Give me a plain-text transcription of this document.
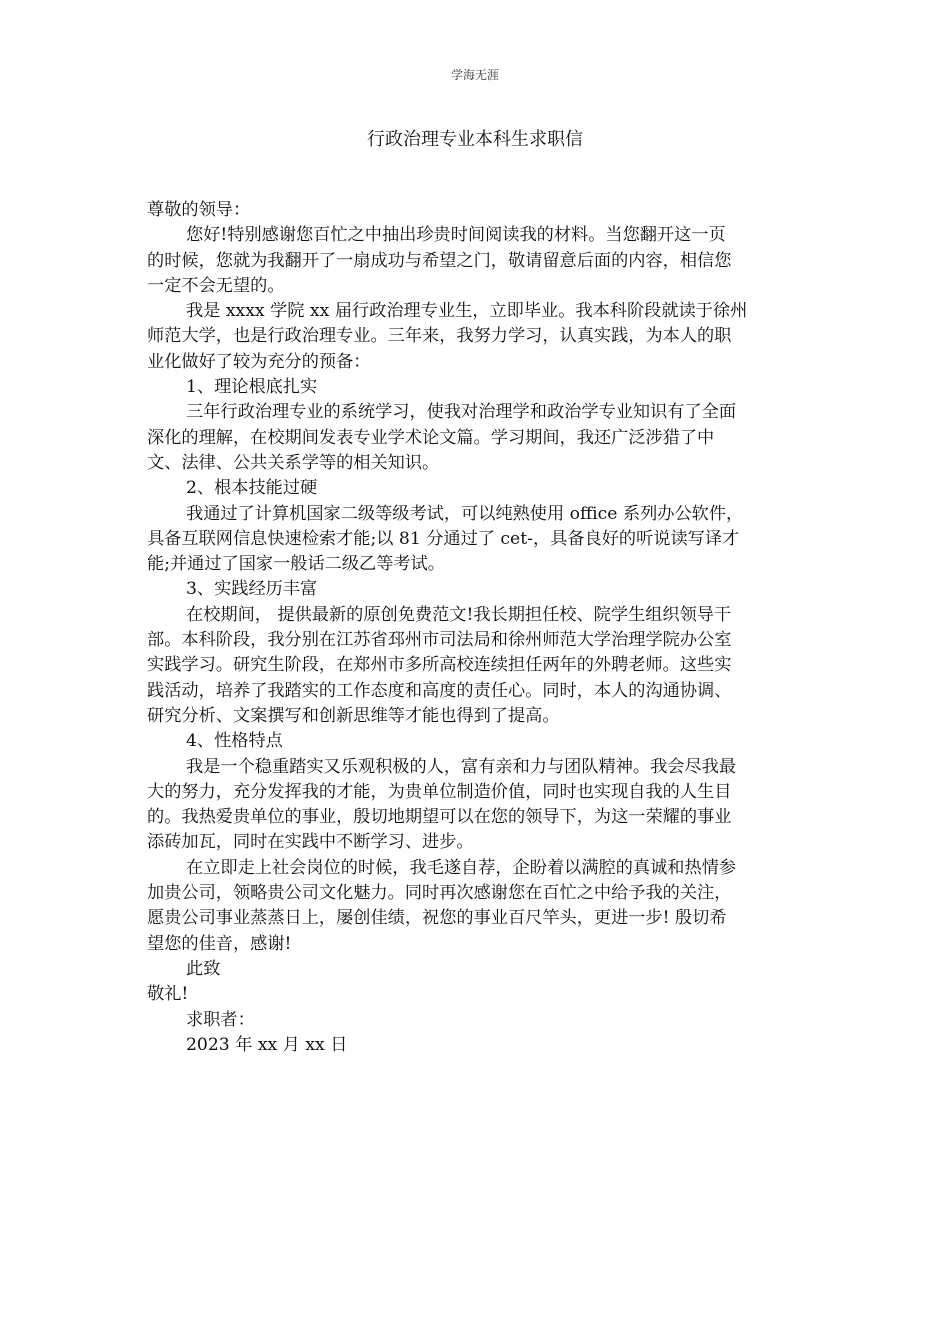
学海无涯
行政治理专业本科生求职信
尊敬的领导：
您好!特别感谢您百忙之中抽出珍贵时间阅读我的材料。当您翻开这一页
的时候，您就为我翻开了一扇成功与希望之门，敬请留意后面的内容，相信您
一定不会无望的。
我是 xxxx 学院 xx 届行政治理专业生，立即毕业。我本科阶段就读于徐州
师范大学，也是行政治理专业。三年来，我努力学习，认真实践，为本人的职
业化做好了较为充分的预备：
1、理论根底扎实
三年行政治理专业的系统学习，使我对治理学和政治学专业知识有了全面
深化的理解，在校期间发表专业学术论文篇。学习期间，我还广泛涉猎了中
文、法律、公共关系学等的相关知识。
2、根本技能过硬
我通过了计算机国家二级等级考试，可以纯熟使用 office 系列办公软件，
具备互联网信息快速检索才能;以 81 分通过了 cet-，具备良好的听说读写译才
能;并通过了国家一般话二级乙等考试。
3、实践经历丰富
在校期间， 提供最新的原创免费范文!我长期担任校、院学生组织领导干
部。本科阶段，我分别在江苏省邳州市司法局和徐州师范大学治理学院办公室
实践学习。研究生阶段，在郑州市多所高校连续担任两年的外聘老师。这些实
践活动，培养了我踏实的工作态度和高度的责任心。同时，本人的沟通协调、
研究分析、文案撰写和创新思维等才能也得到了提高。
4、性格特点
我是一个稳重踏实又乐观积极的人，富有亲和力与团队精神。我会尽我最
大的努力，充分发挥我的才能，为贵单位制造价值，同时也实现自我的人生目
的。我热爱贵单位的事业，殷切地期望可以在您的领导下，为这一荣耀的事业
添砖加瓦，同时在实践中不断学习、进步。
在立即走上社会岗位的时候，我毛遂自荐，企盼着以满腔的真诚和热情参
加贵公司，领略贵公司文化魅力。同时再次感谢您在百忙之中给予我的关注，
愿贵公司事业蒸蒸日上，屡创佳绩，祝您的事业百尺竿头，更进一步! 殷切希
望您的佳音，感谢!
此致
敬礼!
求职者：
2023 年 xx 月 xx 日
